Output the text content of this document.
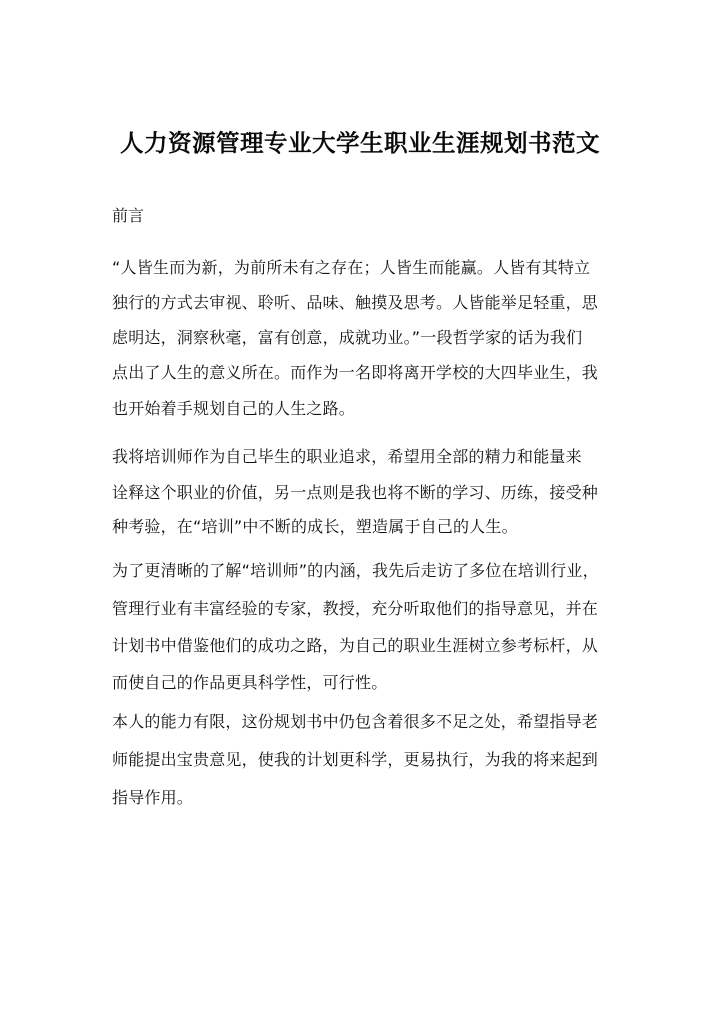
人力资源管理专业大学生职业生涯规划书范文
前言
“人皆生而为新，为前所未有之存在；人皆生而能赢。人皆有其特立
独行的方式去审视、聆听、品味、触摸及思考。人皆能举足轻重，思
虑明达，洞察秋毫，富有创意，成就功业。”一段哲学家的话为我们
点出了人生的意义所在。而作为一名即将离开学校的大四毕业生，我
也开始着手规划自己的人生之路。
我将培训师作为自己毕生的职业追求，希望用全部的精力和能量来
诠释这个职业的价值，另一点则是我也将不断的学习、历练，接受种
种考验，在“培训”中不断的成长，塑造属于自己的人生。
为了更清晰的了解“培训师”的内涵，我先后走访了多位在培训行业，
管理行业有丰富经验的专家，教授，充分听取他们的指导意见，并在
计划书中借鉴他们的成功之路，为自己的职业生涯树立参考标杆，从
而使自己的作品更具科学性，可行性。
本人的能力有限，这份规划书中仍包含着很多不足之处，希望指导老
师能提出宝贵意见，使我的计划更科学，更易执行，为我的将来起到
指导作用。
